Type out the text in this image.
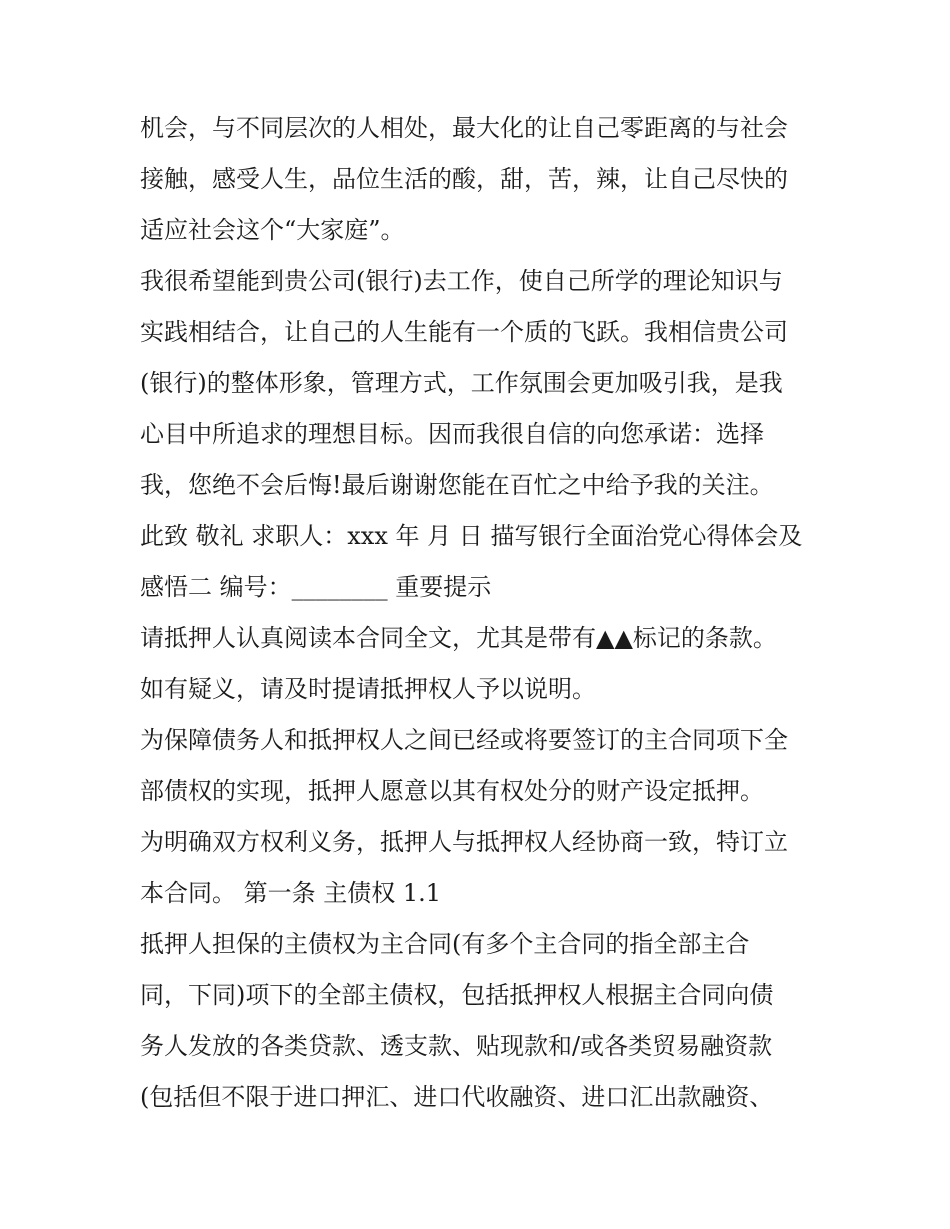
机会，与不同层次的人相处，最大化的让自己零距离的与社会
接触，感受人生，品位生活的酸，甜，苦，辣，让自己尽快的
适应社会这个“大家庭”。
我很希望能到贵公司(银行)去工作，使自己所学的理论知识与
实践相结合，让自己的人生能有一个质的飞跃。我相信贵公司
(银行)的整体形象，管理方式，工作氛围会更加吸引我，是我
心目中所追求的理想目标。因而我很自信的向您承诺：选择
我，您绝不会后悔!最后谢谢您能在百忙之中给予我的关注。
此致 敬礼 求职人：xxx 年 月 日 描写银行全面治党心得体会及
感悟二 编号：________ 重要提示
请抵押人认真阅读本合同全文，尤其是带有▲▲标记的条款。
如有疑义，请及时提请抵押权人予以说明。
为保障债务人和抵押权人之间已经或将要签订的主合同项下全
部债权的实现，抵押人愿意以其有权处分的财产设定抵押。
为明确双方权利义务，抵押人与抵押权人经协商一致，特订立
本合同。 第一条 主债权 1.1
抵押人担保的主债权为主合同(有多个主合同的指全部主合
同，下同)项下的全部主债权，包括抵押权人根据主合同向债
务人发放的各类贷款、透支款、贴现款和/或各类贸易融资款
(包括但不限于进口押汇、进口代收融资、进口汇出款融资、
